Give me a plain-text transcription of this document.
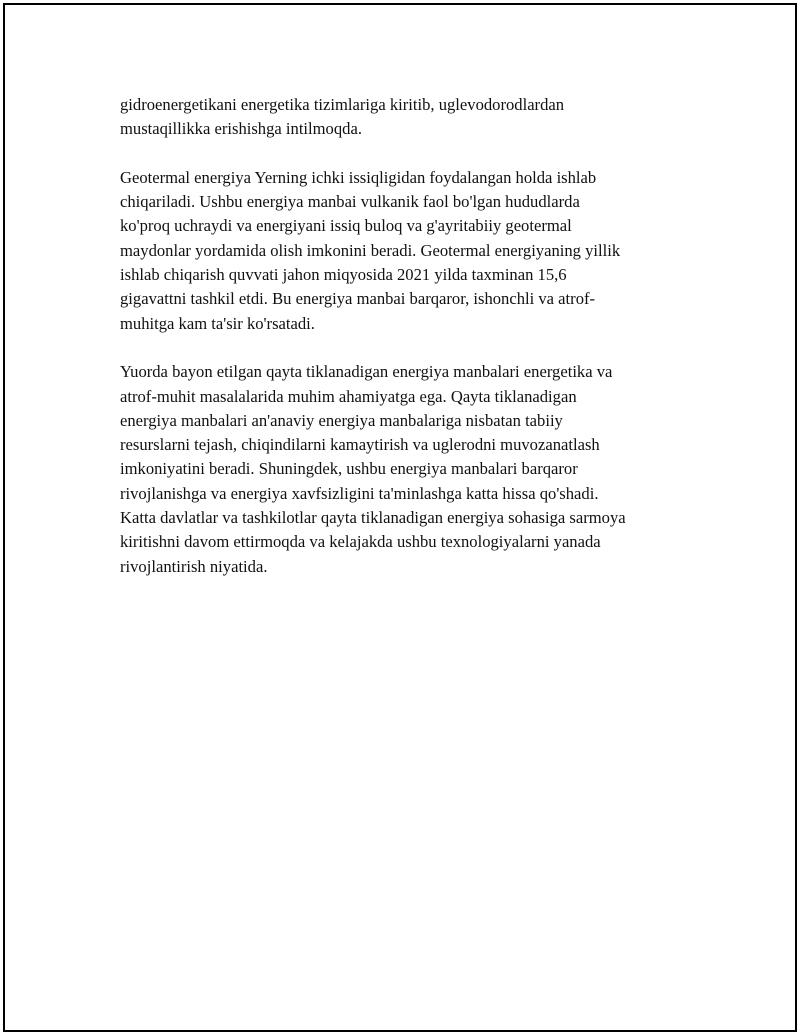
gidroenergetikani energetika tizimlariga kiritib, uglevodorodlardan
mustaqillikka erishishga intilmoqda.

Geotermal energiya Yerning ichki issiqligidan foydalangan holda ishlab
chiqariladi. Ushbu energiya manbai vulkanik faol bo'lgan hududlarda
ko'proq uchraydi va energiyani issiq buloq va g'ayritabiiy geotermal
maydonlar yordamida olish imkonini beradi. Geotermal energiyaning yillik
ishlab chiqarish quvvati jahon miqyosida 2021 yilda taxminan 15,6
gigavattni tashkil etdi. Bu energiya manbai barqaror, ishonchli va atrof-
muhitga kam ta'sir ko'rsatadi.

Yuorda bayon etilgan qayta tiklanadigan energiya manbalari energetika va
atrof-muhit masalalarida muhim ahamiyatga ega. Qayta tiklanadigan
energiya manbalari an'anaviy energiya manbalariga nisbatan tabiiy
resurslarni tejash, chiqindilarni kamaytirish va uglerodni muvozanatlash
imkoniyatini beradi. Shuningdek, ushbu energiya manbalari barqaror
rivojlanishga va energiya xavfsizligini ta'minlashga katta hissa qo'shadi.
Katta davlatlar va tashkilotlar qayta tiklanadigan energiya sohasiga sarmoya
kiritishni davom ettirmoqda va kelajakda ushbu texnologiyalarni yanada
rivojlantirish niyatida.
